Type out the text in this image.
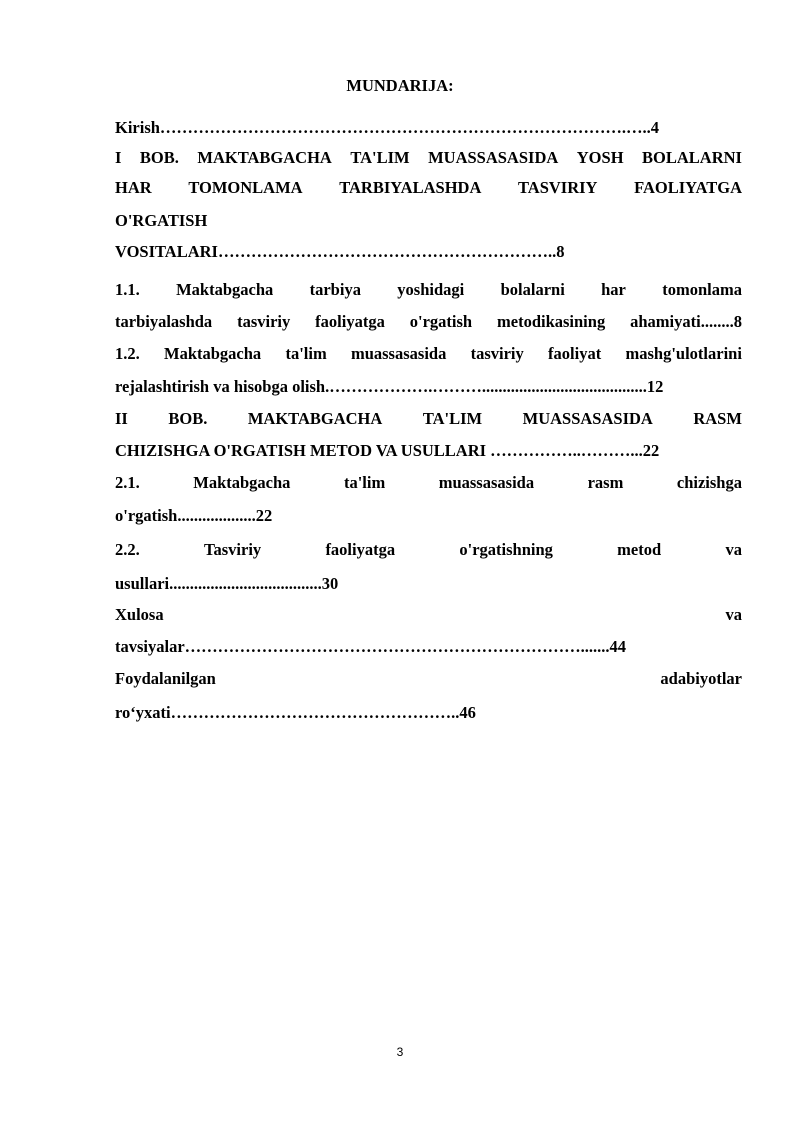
MUNDARIJA:
Kirish………………………………………………………………………….…..4
I BOB. MAKTABGACHA TA'LIM MUASSASASIDA YOSH BOLALARNI
HAR TOMONLAMA TARBIYALASHDA TASVIRIY FAOLIYATGA
O'RGATISH
VOSITALARI……………………………………………………..8
1.1. Maktabgacha tarbiya yoshidagi bolalarni har tomonlama
tarbiyalashda tasviriy faoliyatga o'rgatish metodikasining ahamiyati........8
1.2. Maktabgacha ta'lim muassasasida tasviriy faoliyat mashg'ulotlarini
rejalashtirish va hisobga olish.……………….………........................................12
II BOB. MAKTABGACHA TA'LIM MUASSASASIDA RASM
CHIZISHGA O'RGATISH METOD VA USULLARI ……………..………...22
2.1.	Maktabgacha	ta'lim	muassasasida	rasm	chizishga
o'rgatish...................22
2.2.	Tasviriy	faoliyatga	o'rgatishning	metod	va
usullari.....................................30
Xulosa	va
tavsiyalar……………………………………………………………….......44
Foydalanilgan	adabiyotlar
ro‘yxati……………………………………………..46
3
